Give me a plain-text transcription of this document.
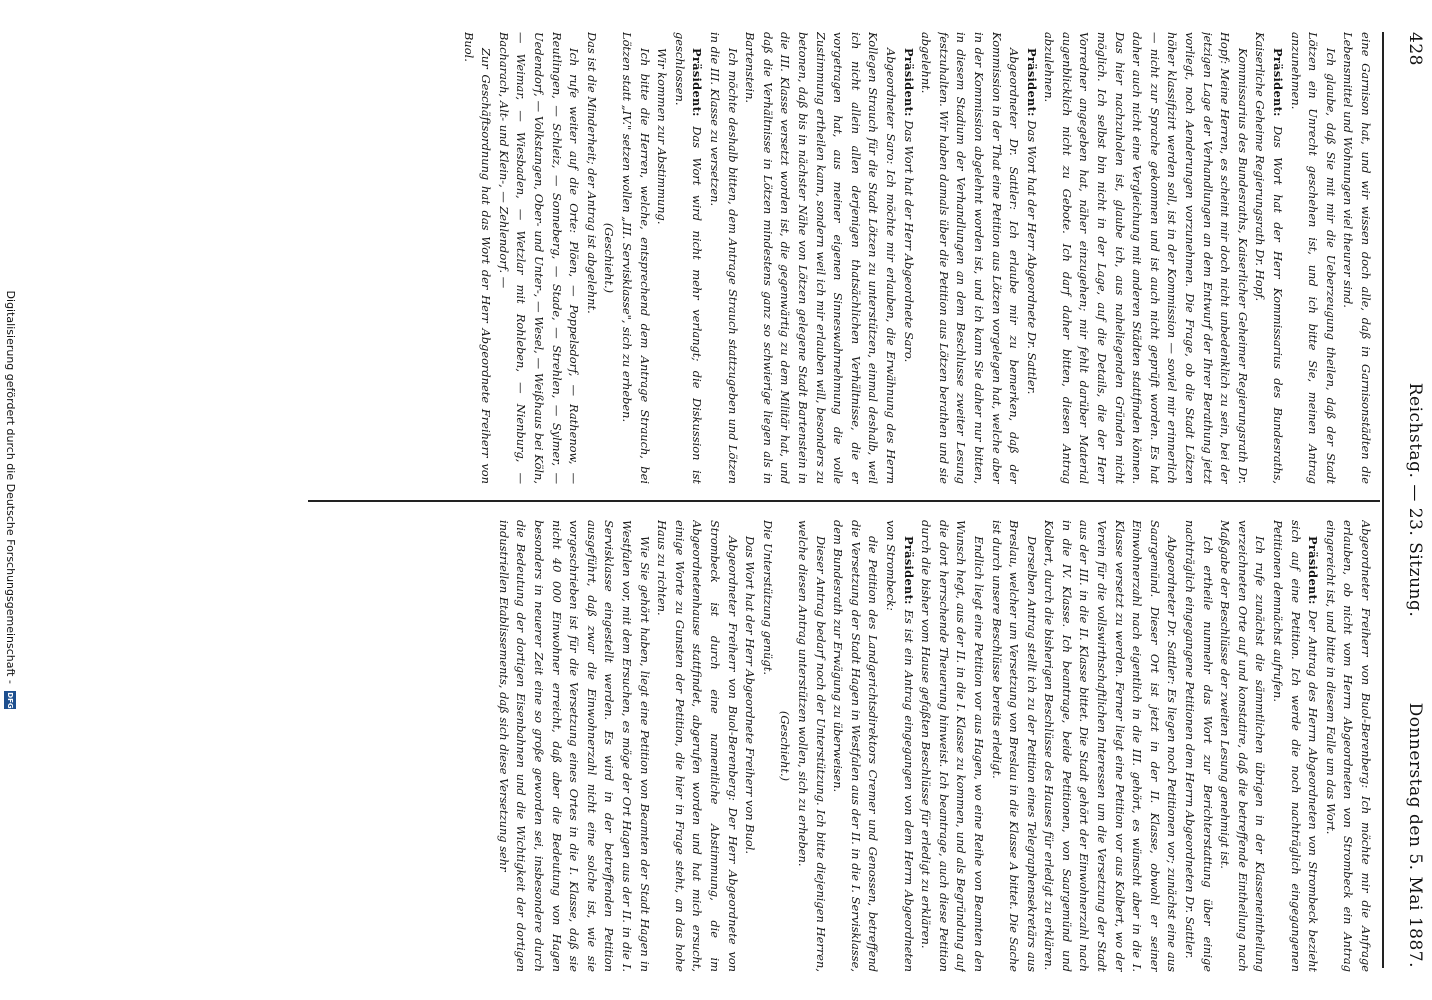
428
Reichstag. — 23. Sitzung.
Donnerstag den 5. Mai 1887.

eine Garnison hat, und wir wissen doch alle, daß in Garnisonstädten die Lebensmittel und Wohnungen viel theurer sind.

Ich glaube, daß Sie mit mir die Ueberzeugung theilen, daß der Stadt Lötzen ein Unrecht geschehen ist, und ich bitte Sie, meinen Antrag anzunehmen.

Präsident: Das Wort hat der Herr Kommissarius des Bundesraths, Kaiserliche Geheime Regierungsrath Dr. Hopf.

Kommissarius des Bundesraths, Kaiserlicher Geheimer Regierungsrath Dr. Hopf: Meine Herren, es scheint mir doch nicht unbedenklich zu sein, bei der jetzigen Lage der Verhandlungen an dem Entwurf der Ihrer Berathung jetzt vorliegt, noch Aenderungen vorzunehmen. Die Frage, ob die Stadt Lötzen höher klassifizirt werden soll, ist in der Kommission — soviel mir erinnerlich — nicht zur Sprache gekommen und ist auch nicht geprüft worden. Es hat daher auch nicht eine Vergleichung mit anderen Städten stattfinden können. Das hier nachzuholen ist, glaube ich, aus naheliegenden Gründen nicht möglich. Ich selbst bin nicht in der Lage, auf die Details, die der Herr Vorredner angegeben hat, näher einzugehen; mir fehlt darüber Material augenblicklich nicht zu Gebote. Ich darf daher bitten, diesen Antrag abzulehnen.

Präsident: Das Wort hat der Herr Abgeordnete Dr. Sattler.

Abgeordneter Dr. Sattler: Ich erlaube mir zu bemerken, daß der Kommission in der That eine Petition aus Lötzen vorgelegen hat, welche aber in der Kommission abgelehnt worden ist, und ich kann Sie daher nur bitten, in diesem Stadium der Verhandlungen an dem Beschlusse zweiter Lesung festzuhalten. Wir haben damals über die Petition aus Lötzen berathen und sie abgelehnt.

Präsident: Das Wort hat der Herr Abgeordnete Saro.

Abgeordneter Saro: Ich möchte mir erlauben, die Erwähnung des Herrn Kollegen Strauch für die Stadt Lötzen zu unterstützen, einmal deshalb, weil ich nicht allein allen derjenigen thatsächlichen Verhältnisse, die er vorgetragen hat, aus meiner eigenen Sinneswahrnehmung die volle Zustimmung ertheilen kann, sondern weil ich mir erlauben will, besonders zu betonen, daß bis in nächster Nähe von Lötzen gelegene Stadt Bartenstein in die III. Klasse versetzt worden ist, die gegenwärtig zu dem Militär hat, und daß die Verhältnisse in Lötzen mindestens ganz so schwierige liegen als in Bartenstein.

Ich möchte deshalb bitten, dem Antrage Strauch stattzugeben und Lötzen in die III. Klasse zu versetzen.

Präsident: Das Wort wird nicht mehr verlangt; die Diskussion ist geschlossen.

Wir kommen zur Abstimmung.

Ich bitte die Herren, welche, entsprechend dem Antrage Strauch, bei Lötzen statt „IV." setzen wollen „III. Servisklasse", sich zu erheben.

(Geschieht.)

Das ist die Minderheit; der Antrag ist abgelehnt.

Ich rufe weiter auf die Orte: Plöen, — Poppelsdorf, — Rathenow, — Reutlingen, — Schleiz, — Sonneberg, — Stade, — Strehlen, — Sylmer, — Uedendorf, — Volkstangen, Ober- und Unter-, — Wesel, — Weißhaus bei Köln, — Weimar, — Wiesbaden, — Wetzlar mit Rohleben, — Nienburg, — Bacharach, Alt- und Klein-, — Zehlendorf. —

Zur Geschäftsordnung hat das Wort der Herr Abgeordnete Freiherr von Buol.

Abgeordneter Freiherr von Buol-Berenberg: Ich möchte mir die Anfrage erlauben, ob nicht vom Herrn Abgeordneten von Strombeck ein Antrag eingereicht ist, und bitte in diesem Falle um das Wort.

Präsident: Der Antrag des Herrn Abgeordneten von Strombeck bezieht sich auf eine Petition. Ich werde die noch nachträglich eingegangenen Petitionen demnächst aufrufen.

Ich rufe zunächst die sämmtlichen übrigen in der Klasseneintheilung verzeichneten Orte auf und konstatire, daß die betreffende Eintheilung nach Maßgabe der Beschlüsse der zweiten Lesung genehmigt ist.

Ich ertheile nunmehr das Wort zur Berichterstattung über einige nachträglich eingegangene Petitionen dem Herrn Abgeordneten Dr. Sattler.

Abgeordneter Dr. Sattler: Es liegen noch Petitionen vor; zunächst eine aus Saargemünd. Dieser Ort ist jetzt in der II. Klasse, obwohl er seiner Einwohnerzahl nach eigentlich in die III. gehört, es wünscht aber in die I. Klasse versetzt zu werden. Ferner liegt eine Petition vor aus Kolbert, wo der Verein für die vollswirthschaftlichen Interessen um die Versetzung der Stadt aus der III. in die II. Klasse bittet. Die Stadt gehört der Einwohnerzahl nach in die IV. Klasse. Ich beantrage, beide Petitionen, von Saargemünd und Kolbert, durch die bisherigen Beschlüsse des Hauses für erledigt zu erklären.

Derselben Antrag stellt ich zu der Petition eines Telegraphensekretärs aus Breslau, welcher um Versetzung von Breslau in die Klasse A bittet. Die Sache ist durch unsere Beschlüsse bereits erledigt.

Endlich liegt eine Petition vor aus Hagen, wo eine Reihe von Beamten den Wunsch hegt, aus der II. in die I. Klasse zu kommen, und als Begründung auf die dort herrschende Theuerung hinweist. Ich beantrage, auch diese Petition durch die bisher vom Hause gefaßten Beschlüsse für erledigt zu erklären.

Präsident: Es ist ein Antrag eingegangen von dem Herrn Abgeordneten von Strombeck:

die Petition des Landgerichtsdirektors Cremer und Genossen, betreffend die Versetzung der Stadt Hagen in Westfalen aus der II. in die I. Servisklasse, dem Bundesrath zur Erwägung zu überweisen.

Dieser Antrag bedarf noch der Unterstützung. Ich bitte diejenigen Herren, welche diesen Antrag unterstützen wollen, sich zu erheben.

(Geschieht.)

Die Unterstützung genügt.

Das Wort hat der Herr Abgeordnete Freiherr von Buol.

Abgeordneter Freiherr von Buol-Berenberg: Der Herr Abgeordnete von Strombeck ist durch eine namentliche Abstimmung, die im Abgeordnetenhause stattfindet, abgerufen worden und hat mich ersucht, einige Worte zu Gunsten der Petition, die hier in Frage steht, an das hohe Haus zu richten.

Wie Sie gehört haben, liegt eine Petition von Beamten der Stadt Hagen in Westfalen vor, mit dem Ersuchen, es möge der Ort Hagen aus der II. in die I. Servisklasse eingestellt werden. Es wird in der betreffenden Petition ausgeführt, daß zwar die Einwohnerzahl nicht eine solche ist, wie sie vorgeschrieben ist für die Versetzung eines Ortes in die I. Klasse, daß sie nicht 40 000 Einwohner erreicht, daß aber die Bedeutung von Hagen besonders in neuerer Zeit eine so große geworden sei, insbesondere durch die Bedeutung der dortigen Eisenbahnen und die Wichtigkeit der dortigen industriellen Etablissements, daß sich diese Versetzung sehr

Digitalisierung gefördert durch die Deutsche Forschungsgemeinschaft - DFG
